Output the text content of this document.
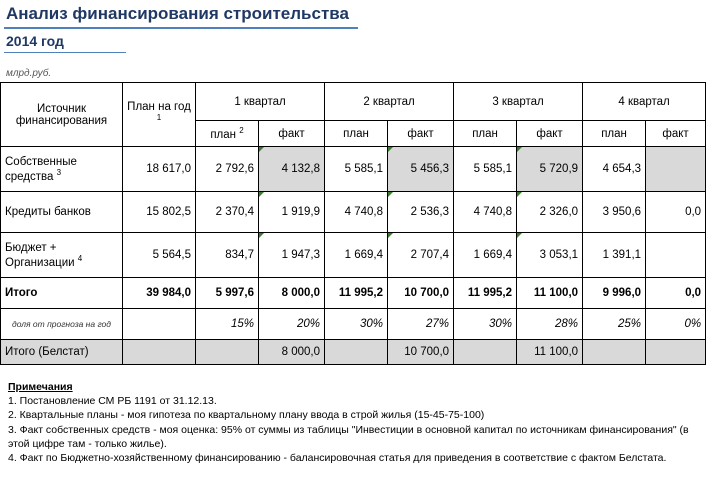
Анализ финансирования строительства
2014 год
млрд.руб.
Источник финансирования	План на год $^1$	1 квартал		2 квартал		3 квартал		4 квартал	
		план $^2$	факт	план	факт	план	факт	план	факт
Собственные средства $^3$	18 617,0	2 792,6	4 132,8	5 585,1	5 456,3	5 585,1	5 720,9	4 654,3	
Кредиты банков	15 802,5	2 370,4	1 919,9	4 740,8	2 536,3	4 740,8	2 326,0	3 950,6	0,0
Бюджет + Организации $^4$	5 564,5	834,7	1 947,3	1 669,4	2 707,4	1 669,4	3 053,1	1 391,1	
Итого	39 984,0	5 997,6	8 000,0	11 995,2	10 700,0	11 995,2	11 100,0	9 996,0	0,0
доля от прогноза на год		15%	20%	30%	27%	30%	28%	25%	0%
Итого (Белстат)			8 000,0		10 700,0		11 100,0		
Примечания
1. Постановление СМ РБ 1191 от 31.12.13.
2. Квартальные планы - моя гипотеза по квартальному плану ввода в строй жилья (15-45-75-100)
3. Факт собственных средств - моя оценка: 95% от суммы из таблицы "Инвестиции в основной капитал по источникам финансирования" (в этой цифре там - только жилье).
4. Факт по Бюджетно-хозяйственному финансированию - балансировочная статья для приведения в соответствие с фактом Белстата.
